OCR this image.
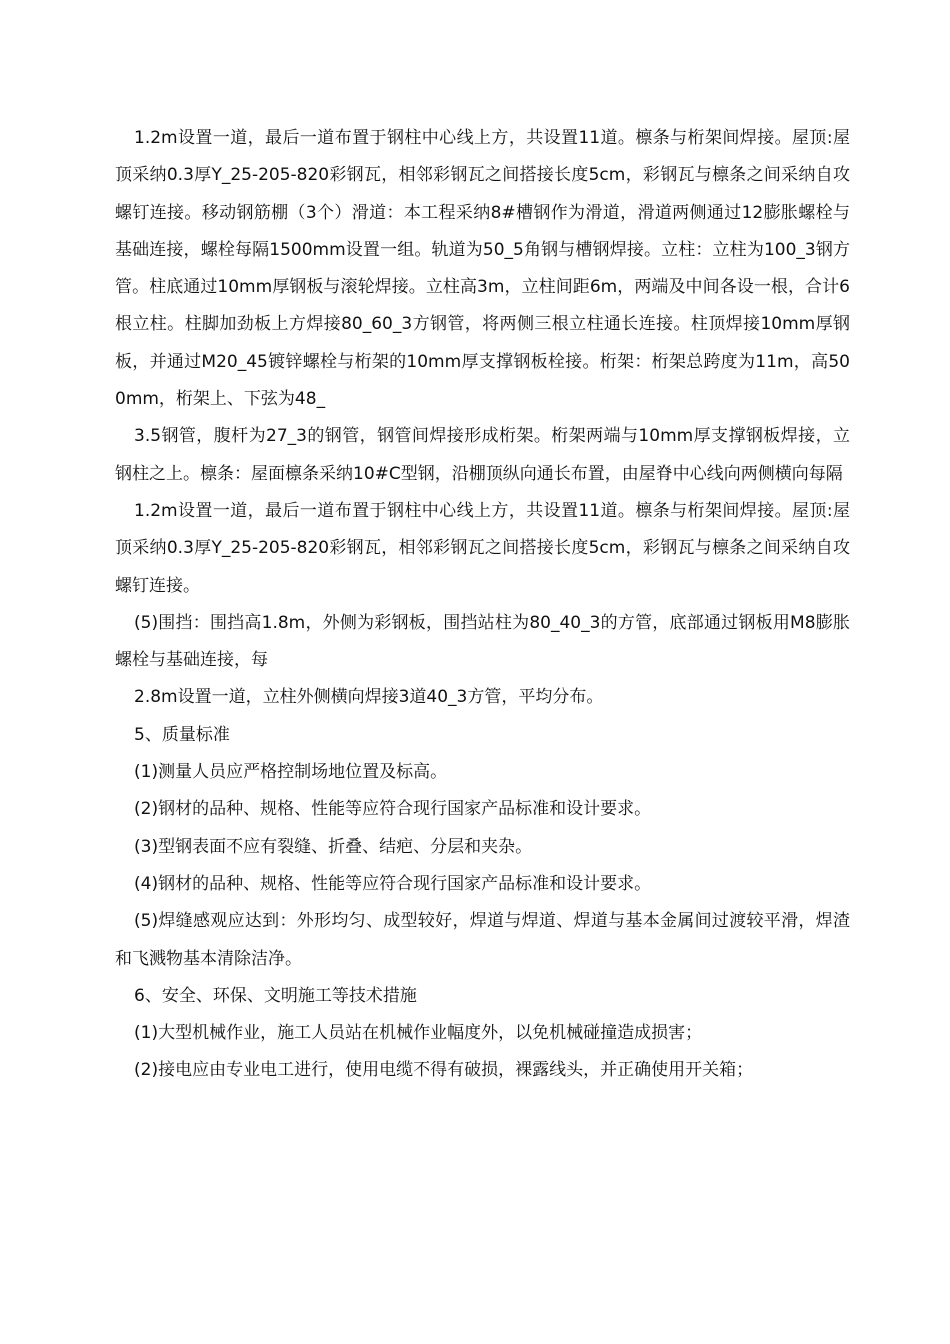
1.2m设置一道，最后一道布置于钢柱中心线上方，共设置11道。檩条与桁架间焊接。屋顶:屋顶采纳0.3厚Y_25-205-820彩钢瓦，相邻彩钢瓦之间搭接长度5cm，彩钢瓦与檩条之间采纳自攻螺钉连接。移动钢筋棚（3个）滑道：本工程采纳8#槽钢作为滑道，滑道两侧通过12膨胀螺栓与基础连接，螺栓每隔1500mm设置一组。轨道为50_5角钢与槽钢焊接。立柱：立柱为100_3钢方管。柱底通过10mm厚钢板与滚轮焊接。立柱高3m，立柱间距6m，两端及中间各设一根，合计6根立柱。柱脚加劲板上方焊接80_60_3方钢管，将两侧三根立柱通长连接。柱顶焊接10mm厚钢板，并通过M20_45镀锌螺栓与桁架的10mm厚支撑钢板栓接。桁架：桁架总跨度为11m，高500mm，桁架上、下弦为48_

3.5钢管，腹杆为27_3的钢管，钢管间焊接形成桁架。桁架两端与10mm厚支撑钢板焊接，立钢柱之上。檩条：屋面檩条采纳10#C型钢，沿棚顶纵向通长布置，由屋脊中心线向两侧横向每隔

1.2m设置一道，最后一道布置于钢柱中心线上方，共设置11道。檩条与桁架间焊接。屋顶:屋顶采纳0.3厚Y_25-205-820彩钢瓦，相邻彩钢瓦之间搭接长度5cm，彩钢瓦与檩条之间采纳自攻螺钉连接。

(5)围挡：围挡高1.8m，外侧为彩钢板，围挡站柱为80_40_3的方管，底部通过钢板用M8膨胀螺栓与基础连接，每

2.8m设置一道，立柱外侧横向焊接3道40_3方管，平均分布。

5、质量标准

(1)测量人员应严格控制场地位置及标高。

(2)钢材的品种、规格、性能等应符合现行国家产品标准和设计要求。

(3)型钢表面不应有裂缝、折叠、结疤、分层和夹杂。

(4)钢材的品种、规格、性能等应符合现行国家产品标准和设计要求。

(5)焊缝感观应达到：外形均匀、成型较好，焊道与焊道、焊道与基本金属间过渡较平滑，焊渣和飞溅物基本清除洁净。

6、安全、环保、文明施工等技术措施

(1)大型机械作业，施工人员站在机械作业幅度外，以免机械碰撞造成损害；

(2)接电应由专业电工进行，使用电缆不得有破损，裸露线头，并正确使用开关箱；
